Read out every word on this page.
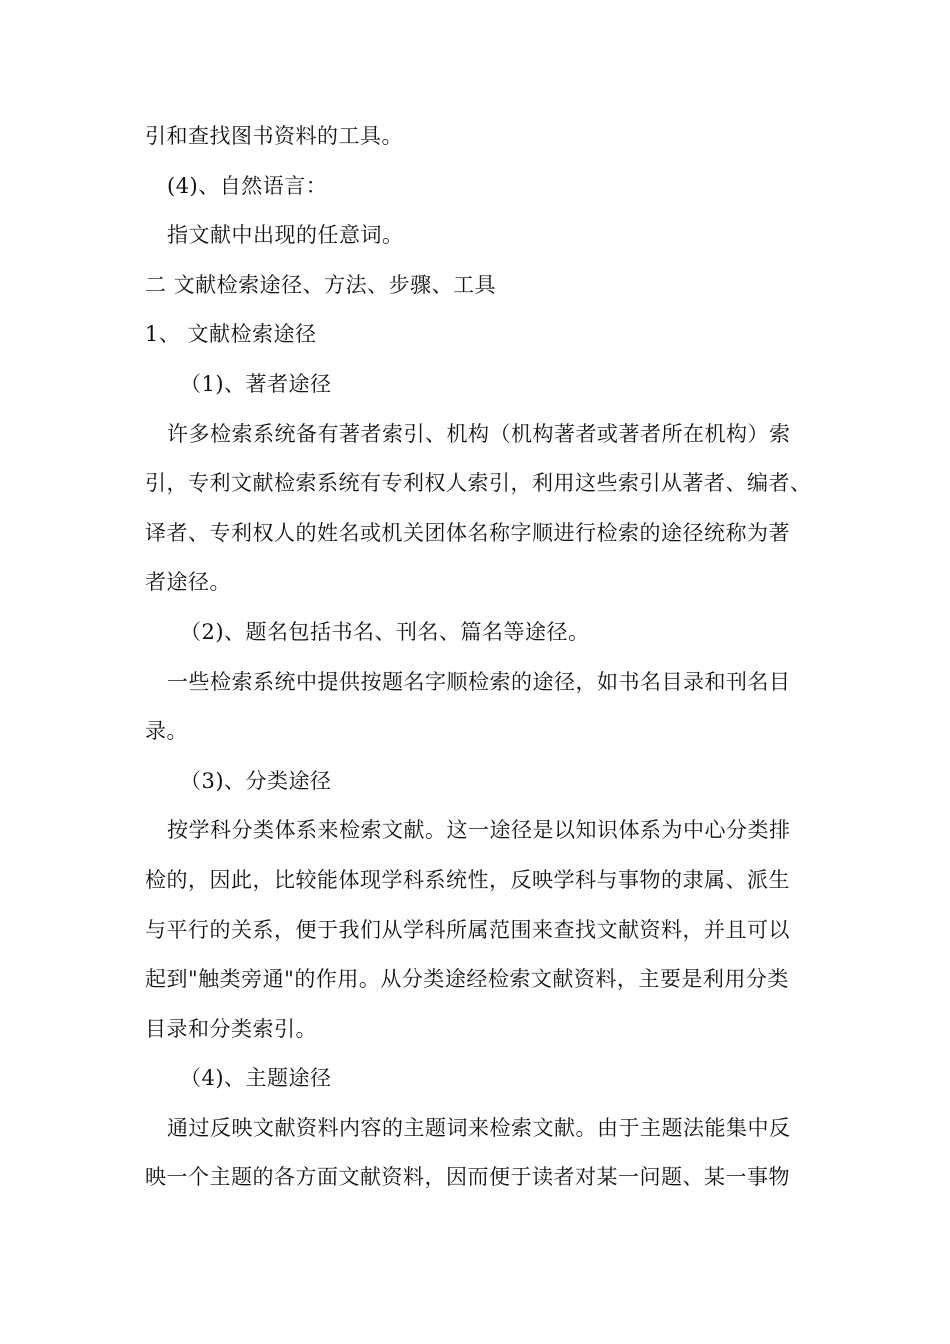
引和查找图书资料的工具。
(4)、自然语言：
指文献中出现的任意词。
二 文献检索途径、方法、步骤、工具
1、 文献检索途径
（1)、著者途径
许多检索系统备有著者索引、机构（机构著者或著者所在机构）索
引，专利文献检索系统有专利权人索引，利用这些索引从著者、编者、
译者、专利权人的姓名或机关团体名称字顺进行检索的途径统称为著
者途径。
（2)、题名包括书名、刊名、篇名等途径。
一些检索系统中提供按题名字顺检索的途径，如书名目录和刊名目
录。
（3)、分类途径
按学科分类体系来检索文献。这一途径是以知识体系为中心分类排
检的，因此，比较能体现学科系统性，反映学科与事物的隶属、派生
与平行的关系，便于我们从学科所属范围来查找文献资料，并且可以
起到"触类旁通"的作用。从分类途经检索文献资料，主要是利用分类
目录和分类索引。
（4)、主题途径
通过反映文献资料内容的主题词来检索文献。由于主题法能集中反
映一个主题的各方面文献资料，因而便于读者对某一问题、某一事物
